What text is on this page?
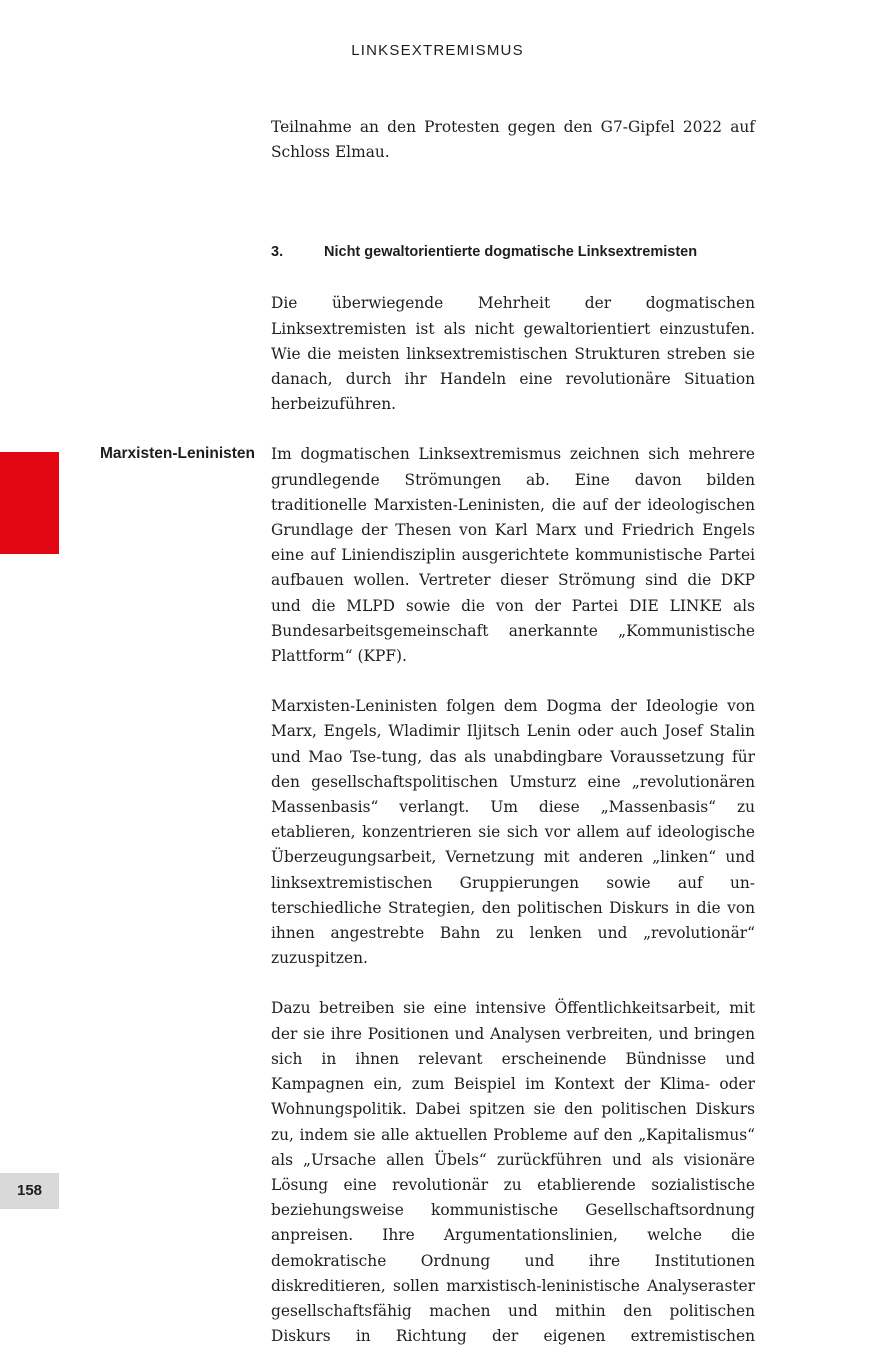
LINKSEXTREMISMUS
158

Teilnahme an den Protesten gegen den G7-Gipfel 2022 auf Schloss Elmau.

3.	Nicht gewaltorientierte dogmatische Linksextremisten

Die überwiegende Mehrheit der dogmatischen Linksextremisten ist als nicht gewaltorientiert einzustufen. Wie die meisten linksextremistischen Strukturen streben sie danach, durch ihr Handeln eine revolutionäre Situation herbeizuführen.

Marxisten-Leninisten Im dogmatischen Linksextremismus zeichnen sich mehrere grundlegende Strömungen ab. Eine davon bilden traditionelle Marxisten-Leninisten, die auf der ideologischen Grundlage der Thesen von Karl Marx und Friedrich Engels eine auf Liniendisziplin ausgerichtete kommunistische Partei aufbauen wollen. Vertreter dieser Strömung sind die DKP und die MLPD sowie die von der Partei DIE LINKE als Bundesarbeitsgemeinschaft anerkannte „Kommunistische Plattform“ (KPF).

Marxisten-Leninisten folgen dem Dogma der Ideologie von Marx, Engels, Wladimir Iljitsch Lenin oder auch Josef Stalin und Mao Tse-tung, das als unabdingbare Voraussetzung für den gesellschaftspolitischen Umsturz eine „revolutionären Massenbasis“ verlangt. Um diese „Massenbasis“ zu etablieren, konzentrieren sie sich vor allem auf ideologische Überzeugungsarbeit, Vernetzung mit anderen „linken“ und linksextremistischen Gruppierungen sowie auf unterschiedliche Strategien, den politischen Diskurs in die von ihnen angestrebte Bahn zu lenken und „revolutionär“ zuzuspitzen.

Dazu betreiben sie eine intensive Öffentlichkeitsarbeit, mit der sie ihre Positionen und Analysen verbreiten, und bringen sich in ihnen relevant erscheinende Bündnisse und Kampagnen ein, zum Beispiel im Kontext der Klima- oder Wohnungspolitik. Dabei spitzen sie den politischen Diskurs zu, indem sie alle aktuellen Probleme auf den „Kapitalismus“ als „Ursache allen Übels“ zurückführen und als visionäre Lösung eine revolutionär zu etablierende sozialistische beziehungsweise kommunistische Gesellschaftsordnung anpreisen. Ihre Argumentationslinien, welche die demokratische Ordnung und ihre Institutionen diskreditieren, sollen marxistisch-leninistische Analyseraster gesellschaftsfähig machen und mithin den politischen Diskurs in Richtung der eigenen extremistischen
